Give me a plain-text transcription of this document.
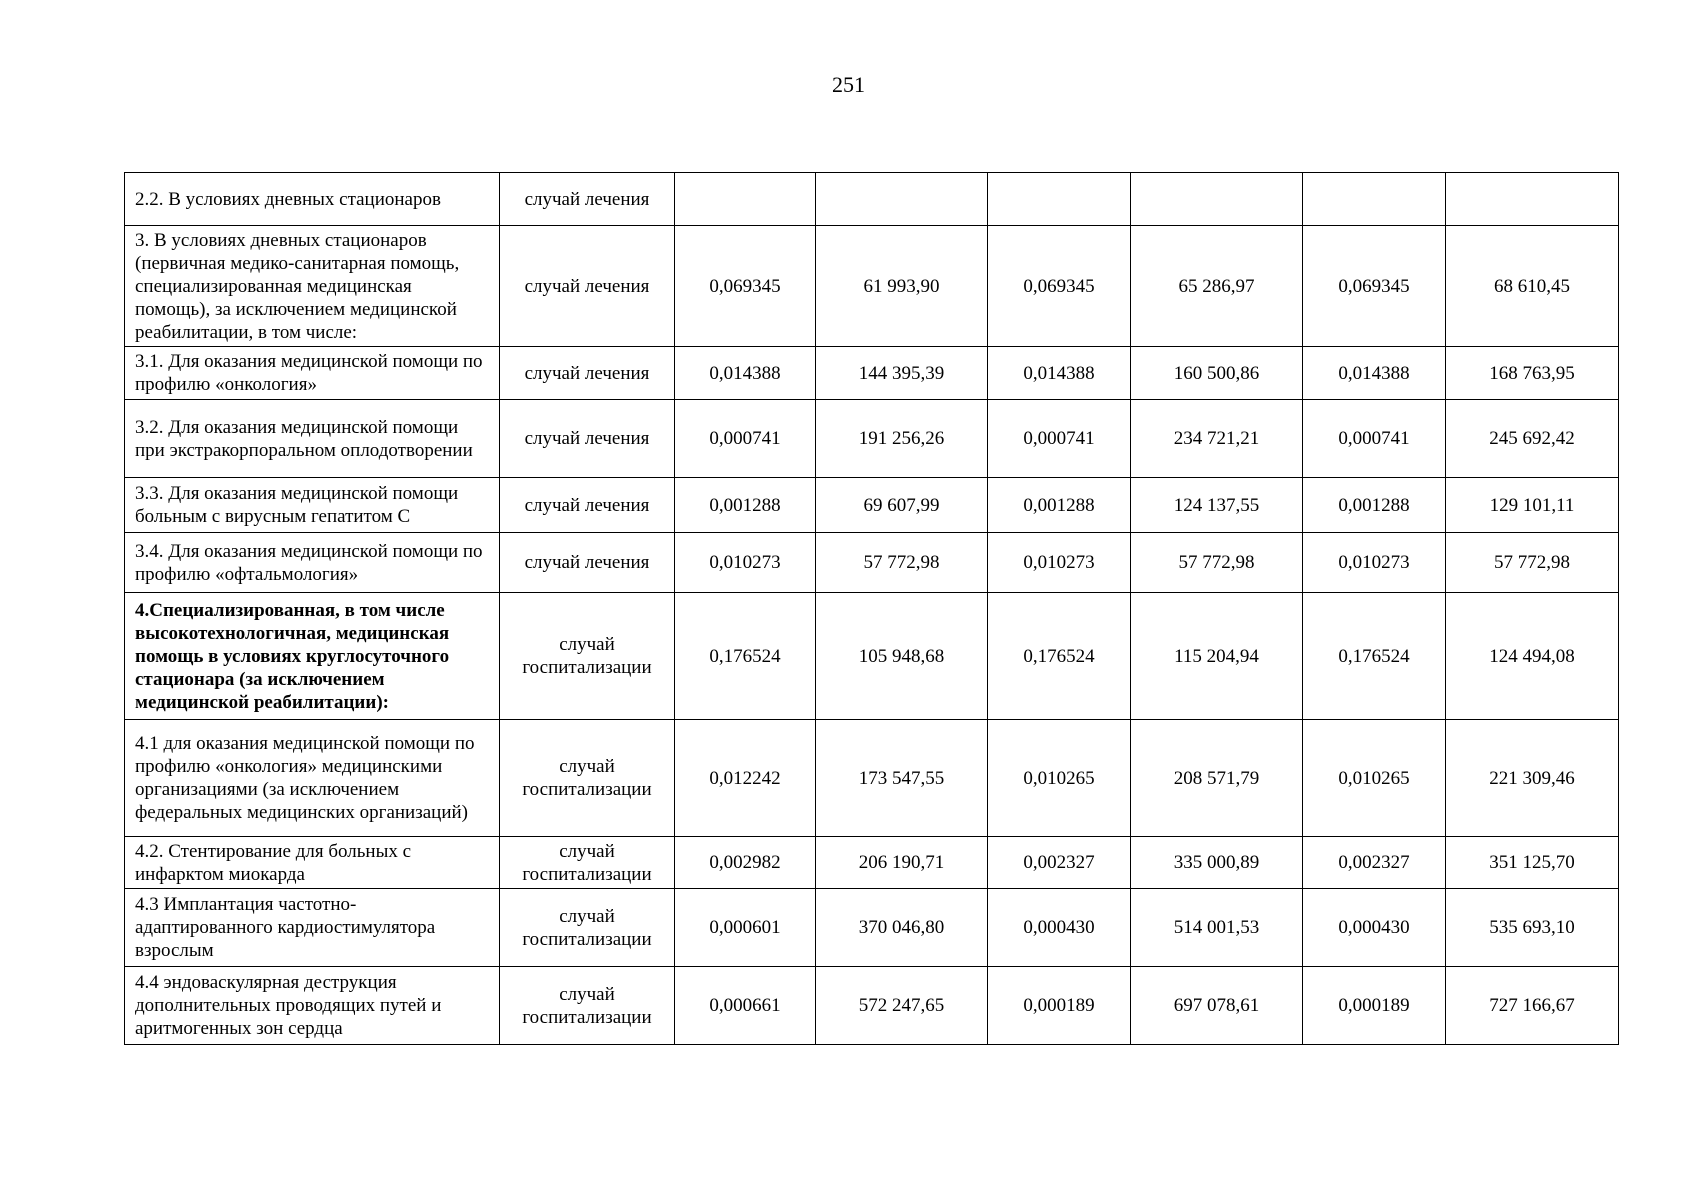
251
2.2. В условиях дневных стационаров	случай лечения						
3. В условиях дневных стационаров (первичная медико-санитарная помощь, специализированная медицинская помощь), за исключением медицинской реабилитации, в том числе:	случай лечения	0,069345	61 993,90	0,069345	65 286,97	0,069345	68 610,45
3.1. Для оказания медицинской помощи по профилю «онкология»	случай лечения	0,014388	144 395,39	0,014388	160 500,86	0,014388	168 763,95
3.2. Для оказания медицинской помощи при экстракорпоральном оплодотворении	случай лечения	0,000741	191 256,26	0,000741	234 721,21	0,000741	245 692,42
3.3. Для оказания медицинской помощи больным с вирусным гепатитом С	случай лечения	0,001288	69 607,99	0,001288	124 137,55	0,001288	129 101,11
3.4. Для оказания медицинской помощи по профилю «офтальмология»	случай лечения	0,010273	57 772,98	0,010273	57 772,98	0,010273	57 772,98
4.Специализированная, в том числе высокотехнологичная, медицинская помощь в условиях круглосуточного стационара (за исключением медицинской реабилитации):	случай госпитализации	0,176524	105 948,68	0,176524	115 204,94	0,176524	124 494,08
4.1 для оказания медицинской помощи по профилю «онкология» медицинскими организациями (за исключением федеральных медицинских организаций)	случай госпитализации	0,012242	173 547,55	0,010265	208 571,79	0,010265	221 309,46
4.2. Стентирование для больных с инфарктом миокарда	случай госпитализации	0,002982	206 190,71	0,002327	335 000,89	0,002327	351 125,70
4.3 Имплантация частотно-адаптированного кардиостимулятора взрослым	случай госпитализации	0,000601	370 046,80	0,000430	514 001,53	0,000430	535 693,10
4.4 эндоваскулярная деструкция дополнительных проводящих путей и аритмогенных зон сердца	случай госпитализации	0,000661	572 247,65	0,000189	697 078,61	0,000189	727 166,67
